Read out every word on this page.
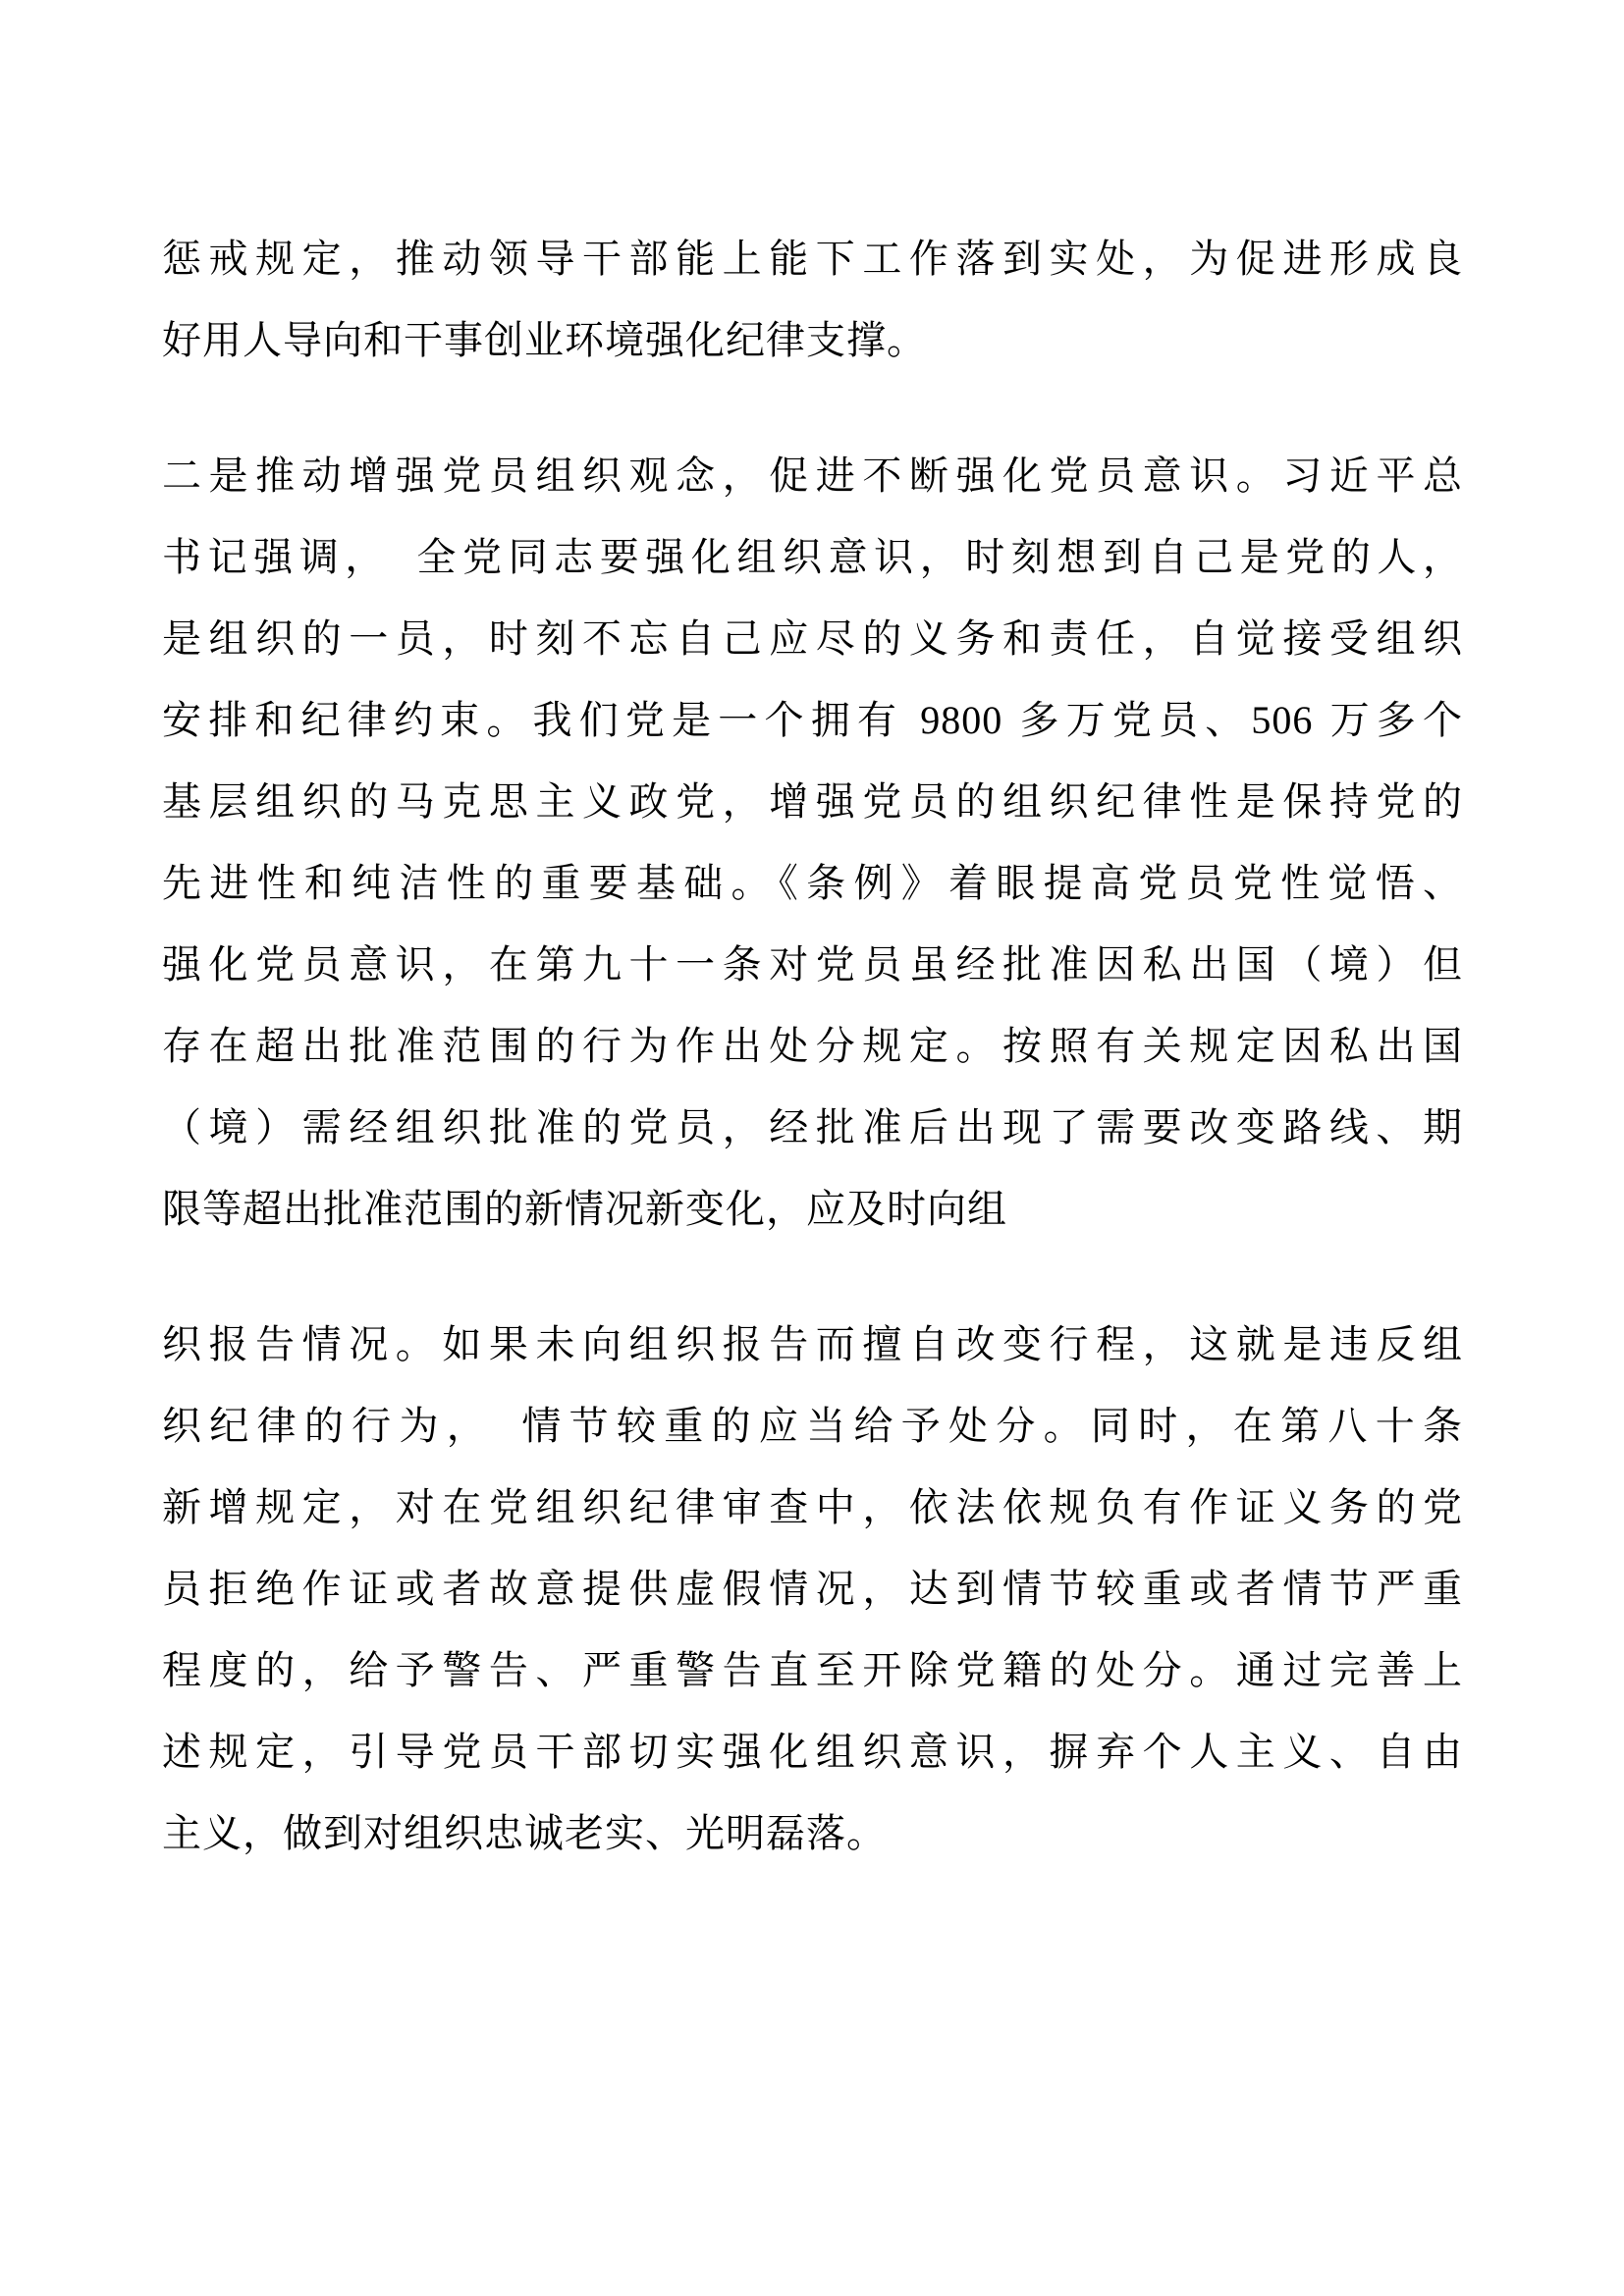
惩戒规定，推动领导干部能上能下工作落到实处，为促进形成良
好用人导向和干事创业环境强化纪律支撑。
二是推动增强党员组织观念，促进不断强化党员意识。习近平总
书记强调，　全党同志要强化组织意识，时刻想到自己是党的人，
是组织的一员，时刻不忘自己应尽的义务和责任，自觉接受组织
安排和纪律约束。我们党是一个拥有 9800 多万党员、506 万多个
基层组织的马克思主义政党，增强党员的组织纪律性是保持党的
先进性和纯洁性的重要基础。《条例》着眼提高党员党性觉悟、
强化党员意识，在第九十一条对党员虽经批准因私出国（境）但
存在超出批准范围的行为作出处分规定。按照有关规定因私出国
（境）需经组织批准的党员，经批准后出现了需要改变路线、期
限等超出批准范围的新情况新变化，应及时向组
织报告情况。如果未向组织报告而擅自改变行程，这就是违反组
织纪律的行为，　情节较重的应当给予处分。同时，在第八十条
新增规定，对在党组织纪律审查中，依法依规负有作证义务的党
员拒绝作证或者故意提供虚假情况，达到情节较重或者情节严重
程度的，给予警告、严重警告直至开除党籍的处分。通过完善上
述规定，引导党员干部切实强化组织意识，摒弃个人主义、自由
主义，做到对组织忠诚老实、光明磊落。
